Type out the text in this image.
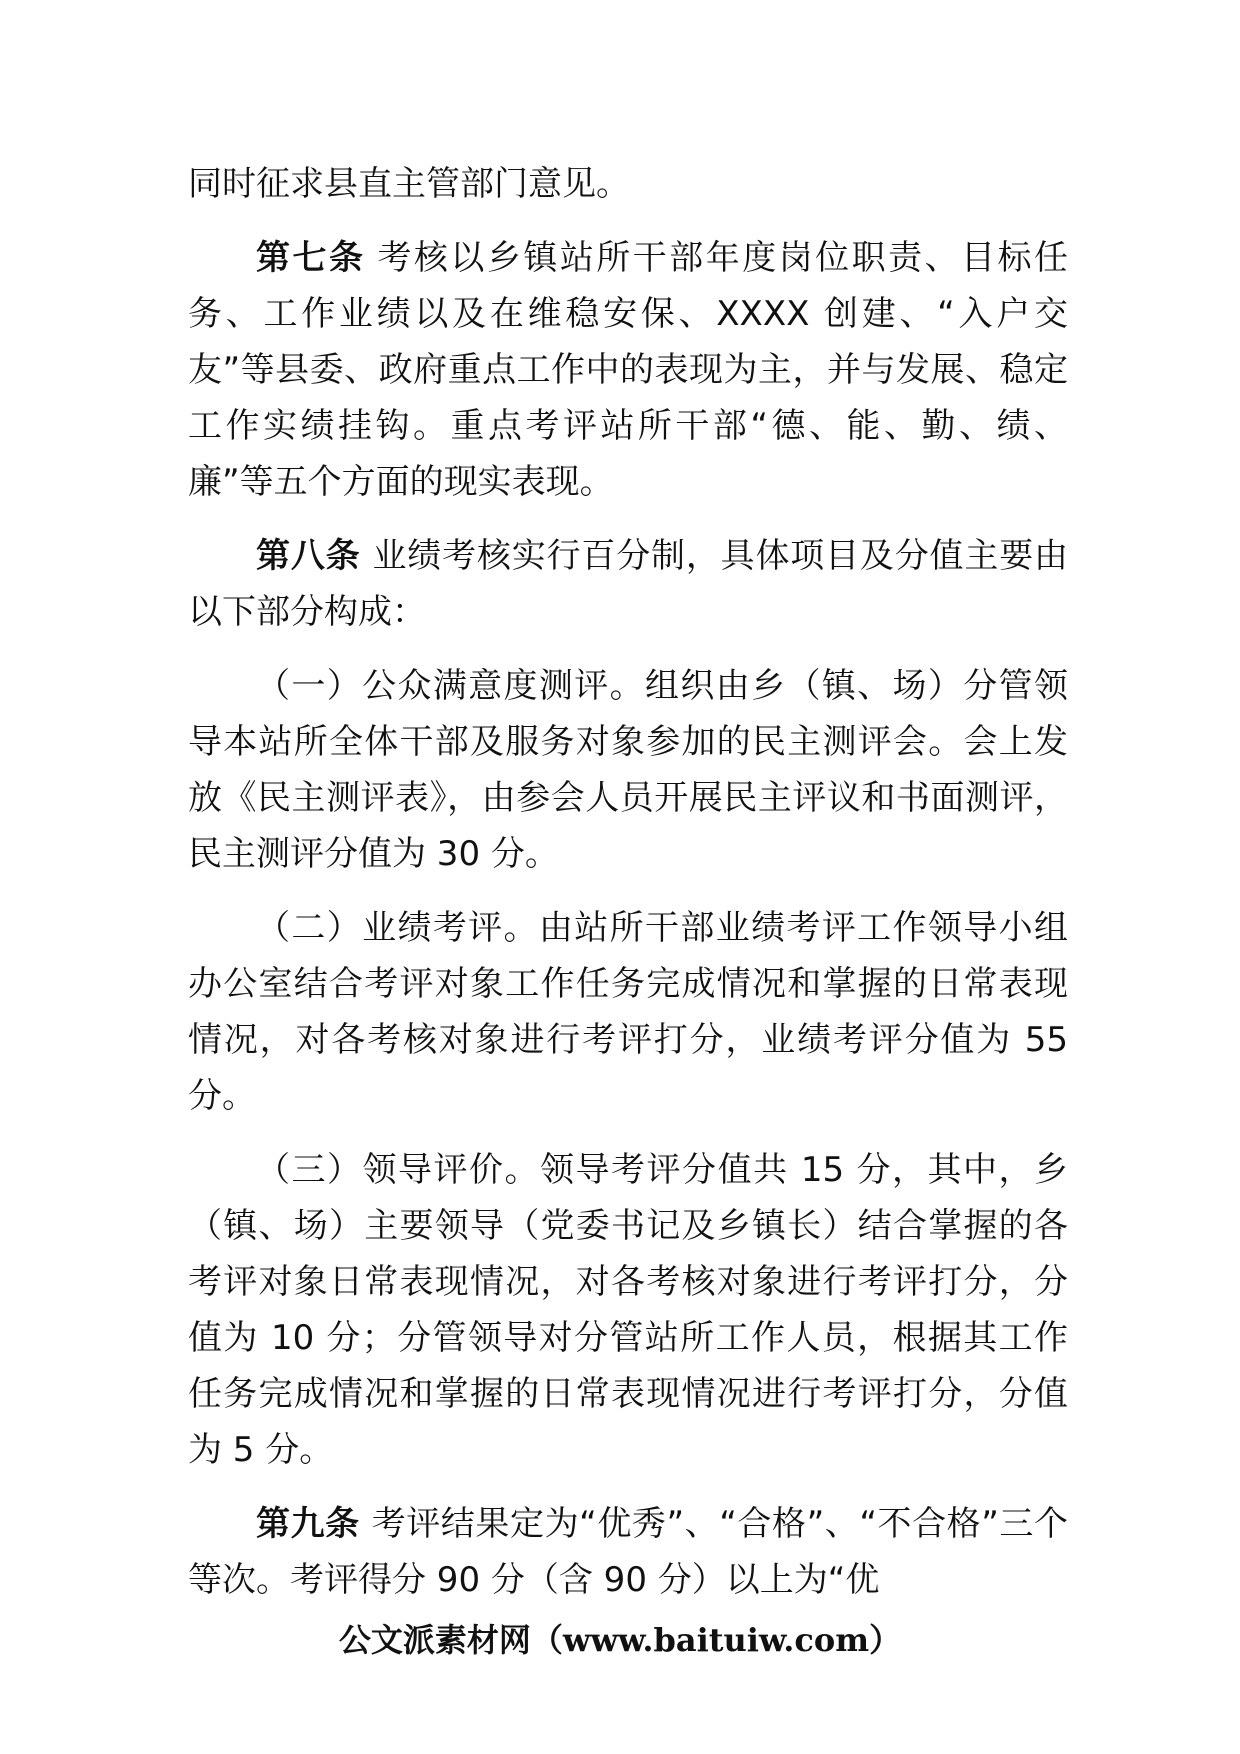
同时征求县直主管部门意见。

第七条 考核以乡镇站所干部年度岗位职责、目标任务、工作业绩以及在维稳安保、XXXX 创建、“入户交友”等县委、政府重点工作中的表现为主，并与发展、稳定工作实绩挂钩。重点考评站所干部“德、能、勤、绩、廉”等五个方面的现实表现。

第八条 业绩考核实行百分制，具体项目及分值主要由以下部分构成：

（一）公众满意度测评。组织由乡（镇、场）分管领导本站所全体干部及服务对象参加的民主测评会。会上发放《民主测评表》，由参会人员开展民主评议和书面测评，民主测评分值为 30 分。

（二）业绩考评。由站所干部业绩考评工作领导小组办公室结合考评对象工作任务完成情况和掌握的日常表现情况，对各考核对象进行考评打分，业绩考评分值为 55 分。

（三）领导评价。领导考评分值共 15 分，其中，乡（镇、场）主要领导（党委书记及乡镇长）结合掌握的各考评对象日常表现情况，对各考核对象进行考评打分，分值为 10 分；分管领导对分管站所工作人员，根据其工作任务完成情况和掌握的日常表现情况进行考评打分，分值为 5 分。

第九条 考评结果定为“优秀”、“合格”、“不合格”三个等次。考评得分 90 分（含 90 分）以上为“优

公文派素材网（www.baituiw.com）
